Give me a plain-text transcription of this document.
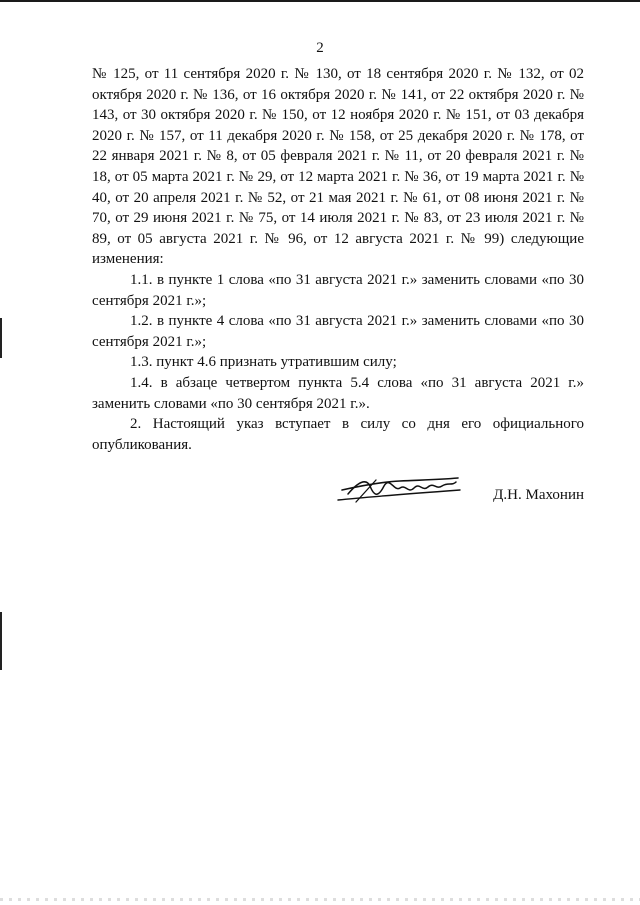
2

№ 125, от 11 сентября 2020 г. № 130, от 18 сентября 2020 г. № 132, от 02 октября 2020 г. № 136, от 16 октября 2020 г. № 141, от 22 октября 2020 г. № 143, от 30 октября 2020 г. № 150, от 12 ноября 2020 г. № 151, от 03 декабря 2020 г. № 157, от 11 декабря 2020 г. № 158, от 25 декабря 2020 г. № 178, от 22 января 2021 г. № 8, от 05 февраля 2021 г. № 11, от 20 февраля 2021 г. № 18, от 05 марта 2021 г. № 29, от 12 марта 2021 г. № 36, от 19 марта 2021 г. № 40, от 20 апреля 2021 г. № 52, от 21 мая 2021 г. № 61, от 08 июня 2021 г. № 70, от 29 июня 2021 г. № 75, от 14 июля 2021 г. № 83, от 23 июля 2021 г. № 89, от 05 августа 2021 г. № 96, от 12 августа 2021 г. № 99) следующие изменения:

1.1. в пункте 1 слова «по 31 августа 2021 г.» заменить словами «по 30 сентября 2021 г.»;

1.2. в пункте 4 слова «по 31 августа 2021 г.» заменить словами «по 30 сентября 2021 г.»;

1.3. пункт 4.6 признать утратившим силу;

1.4. в абзаце четвертом пункта 5.4 слова «по 31 августа 2021 г.» заменить словами «по 30 сентября 2021 г.».

2. Настоящий указ вступает в силу со дня его официального опубликования.

Д.Н. Махонин
